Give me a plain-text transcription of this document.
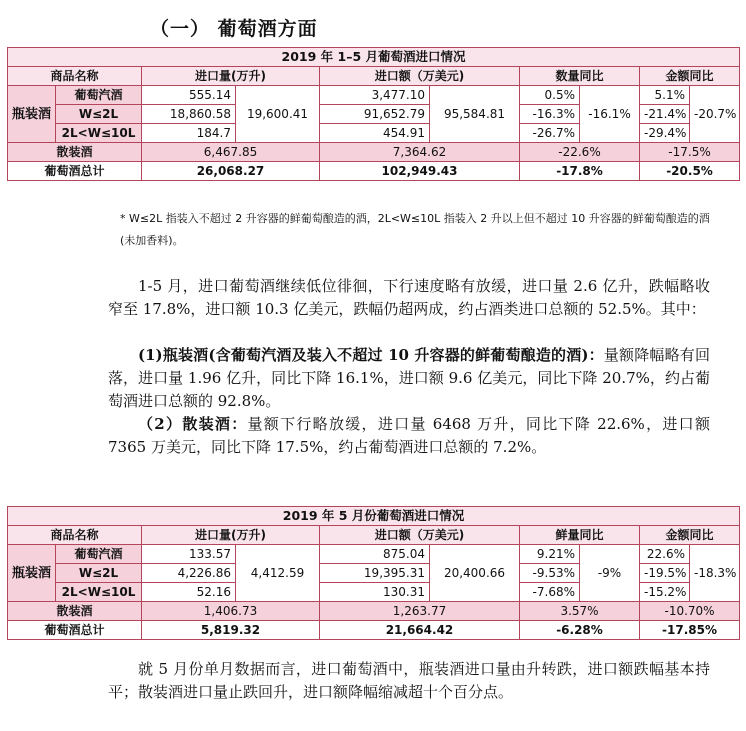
（一） 葡萄酒方面
2019 年 1–5 月葡萄酒进口情况									
商品名称		进口量(万升)		进口额（万美元)		数量同比		金额同比	
瓶装酒	葡萄汽酒	555.14	19,600.41	3,477.10	95,584.81	0.5%	-16.1%	5.1%	-20.7%
	W≤2L	18,860.58		91,652.79		-16.3%		-21.4%	
	2L<W≤10L	184.7		454.91		-26.7%		-29.4%	
散装酒		6,467.85		7,364.62		-22.6%		-17.5%	
葡萄酒总计		26,068.27		102,949.43		-17.8%		-20.5%	
* W≤2L 指装入不超过 2 升容器的鲜葡萄酿造的酒，2L<W≤10L 指装入 2 升以上但不超过 10 升容器的鲜葡萄酿造的酒(未加香料)。
1-5 月，进口葡萄酒继续低位徘徊，下行速度略有放缓，进口量 2.6 亿升，跌幅略收窄至 17.8%，进口额 10.3 亿美元，跌幅仍超两成，约占酒类进口总额的 52.5%。其中：
(1)瓶装酒(含葡萄汽酒及装入不超过 10 升容器的鲜葡萄酿造的酒)：量额降幅略有回落，进口量 1.96 亿升，同比下降 16.1%，进口额 9.6 亿美元，同比下降 20.7%，约占葡萄酒进口总额的 92.8%。
（2）散装酒：量额下行略放缓，进口量 6468 万升，同比下降 22.6%，进口额 7365 万美元，同比下降 17.5%，约占葡萄酒进口总额的 7.2%。
2019 年 5 月份葡萄酒进口情况									
商品名称		进口量(万升)		进口额（万美元)		鲜量同比		金额同比	
瓶装酒	葡萄汽酒	133.57	4,412.59	875.04	20,400.66	9.21%	-9%	22.6%	-18.3%
	W≤2L	4,226.86		19,395.31		-9.53%		-19.5%	
	2L<W≤10L	52.16		130.31		-7.68%		-15.2%	
散装酒		1,406.73		1,263.77		3.57%		-10.70%	
葡萄酒总计		5,819.32		21,664.42		-6.28%		-17.85%	
就 5 月份单月数据而言，进口葡萄酒中，瓶装酒进口量由升转跌，进口额跌幅基本持平；散装酒进口量止跌回升，进口额降幅缩减超十个百分点。
